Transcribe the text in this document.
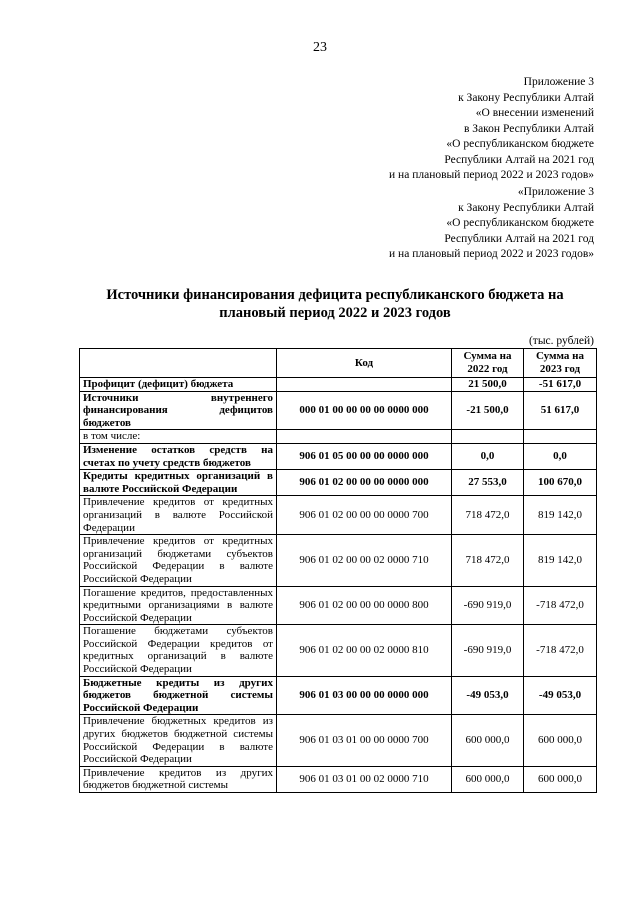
23
Приложение 3
к Закону Республики Алтай
«О внесении изменений
в Закон Республики Алтай
«О республиканском бюджете
Республики Алтай на 2021 год
и на плановый период 2022 и 2023 годов»
«Приложение 3
к Закону Республики Алтай
«О республиканском бюджете
Республики Алтай на 2021 год
и на плановый период 2022 и 2023 годов»
Источники финансирования дефицита республиканского бюджета на
плановый период 2022 и 2023 годов
(тыс. рублей)
	Код	Сумма на 2022 год	Сумма на 2023 год
Профицит (дефицит) бюджета		21 500,0	-51 617,0
Источники внутреннего финансирования дефицитов бюджетов	000 01 00 00 00 00 0000 000	-21 500,0	51 617,0
в том числе:			
Изменение остатков средств на счетах по учету средств бюджетов	906 01 05 00 00 00 0000 000	0,0	0,0
Кредиты кредитных организаций в валюте Российской Федерации	906 01 02 00 00 00 0000 000	27 553,0	100 670,0
Привлечение кредитов от кредитных организаций в валюте Российской Федерации	906 01 02 00 00 00 0000 700	718 472,0	819 142,0
Привлечение кредитов от кредитных организаций бюджетами субъектов Российской Федерации в валюте Российской Федерации	906 01 02 00 00 02 0000 710	718 472,0	819 142,0
Погашение кредитов, предоставленных кредитными организациями в валюте Российской Федерации	906 01 02 00 00 00 0000 800	-690 919,0	-718 472,0
Погашение бюджетами субъектов Российской Федерации кредитов от кредитных организаций в валюте Российской Федерации	906 01 02 00 00 02 0000 810	-690 919,0	-718 472,0
Бюджетные кредиты из других бюджетов бюджетной системы Российской Федерации	906 01 03 00 00 00 0000 000	-49 053,0	-49 053,0
Привлечение бюджетных кредитов из других бюджетов бюджетной системы Российской Федерации в валюте Российской Федерации	906 01 03 01 00 00 0000 700	600 000,0	600 000,0
Привлечение кредитов из других бюджетов бюджетной системы	906 01 03 01 00 02 0000 710	600 000,0	600 000,0
